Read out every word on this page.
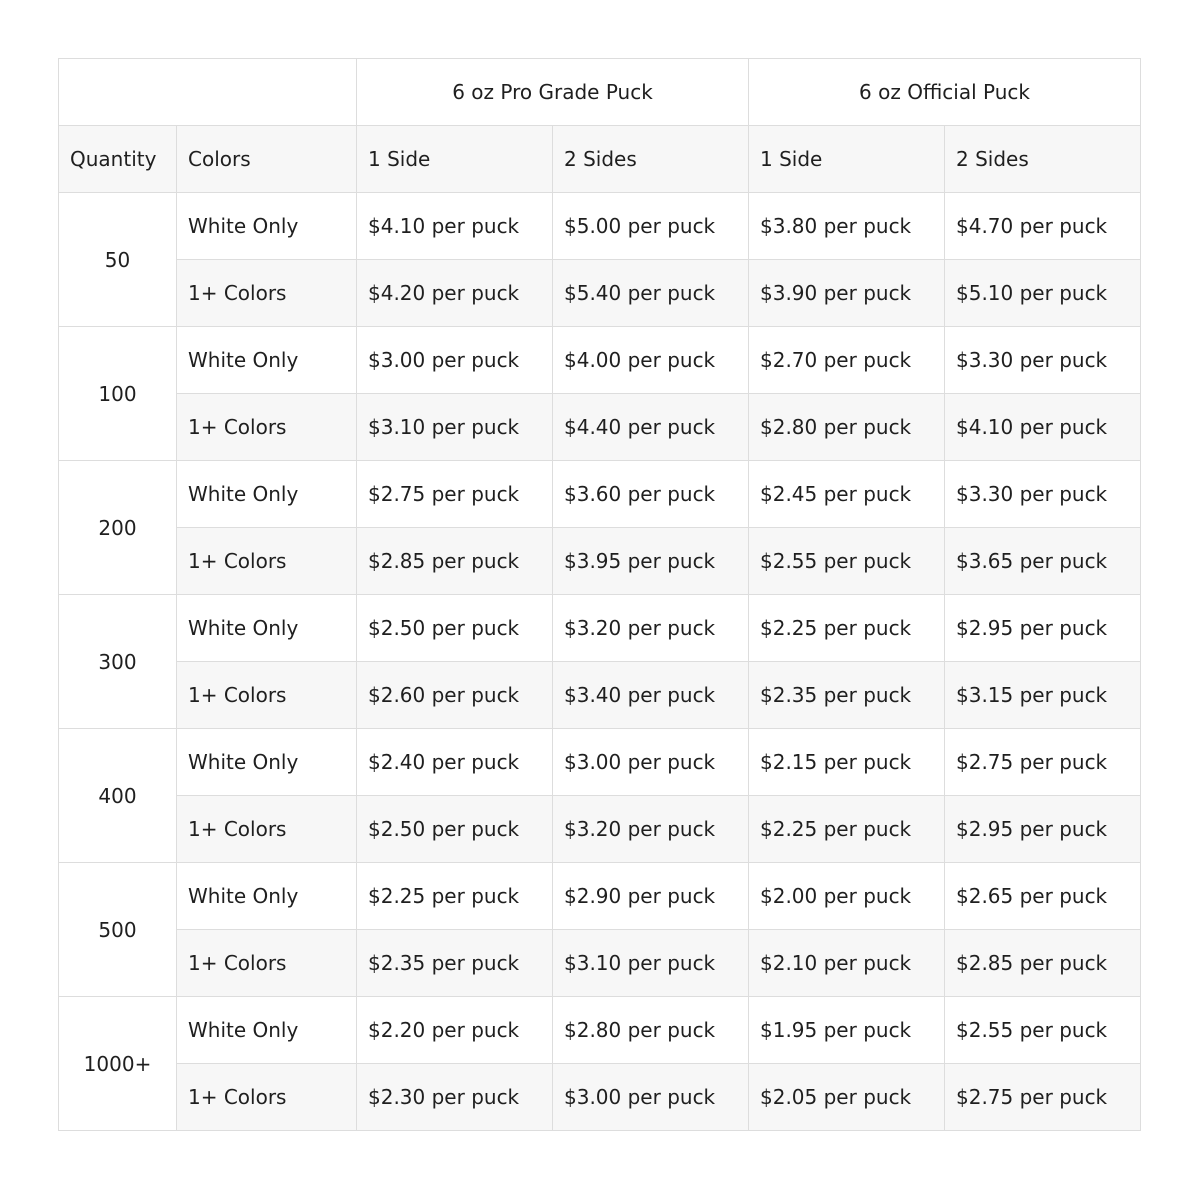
		6 oz Pro Grade Puck		6 oz Official Puck	
Quantity	Colors	1 Side	2 Sides	1 Side	2 Sides
50	White Only	$4.10 per puck	$5.00 per puck	$3.80 per puck	$4.70 per puck
	1+ Colors	$4.20 per puck	$5.40 per puck	$3.90 per puck	$5.10 per puck
100	White Only	$3.00 per puck	$4.00 per puck	$2.70 per puck	$3.30 per puck
	1+ Colors	$3.10 per puck	$4.40 per puck	$2.80 per puck	$4.10 per puck
200	White Only	$2.75 per puck	$3.60 per puck	$2.45 per puck	$3.30 per puck
	1+ Colors	$2.85 per puck	$3.95 per puck	$2.55 per puck	$3.65 per puck
300	White Only	$2.50 per puck	$3.20 per puck	$2.25 per puck	$2.95 per puck
	1+ Colors	$2.60 per puck	$3.40 per puck	$2.35 per puck	$3.15 per puck
400	White Only	$2.40 per puck	$3.00 per puck	$2.15 per puck	$2.75 per puck
	1+ Colors	$2.50 per puck	$3.20 per puck	$2.25 per puck	$2.95 per puck
500	White Only	$2.25 per puck	$2.90 per puck	$2.00 per puck	$2.65 per puck
	1+ Colors	$2.35 per puck	$3.10 per puck	$2.10 per puck	$2.85 per puck
1000+	White Only	$2.20 per puck	$2.80 per puck	$1.95 per puck	$2.55 per puck
	1+ Colors	$2.30 per puck	$3.00 per puck	$2.05 per puck	$2.75 per puck
